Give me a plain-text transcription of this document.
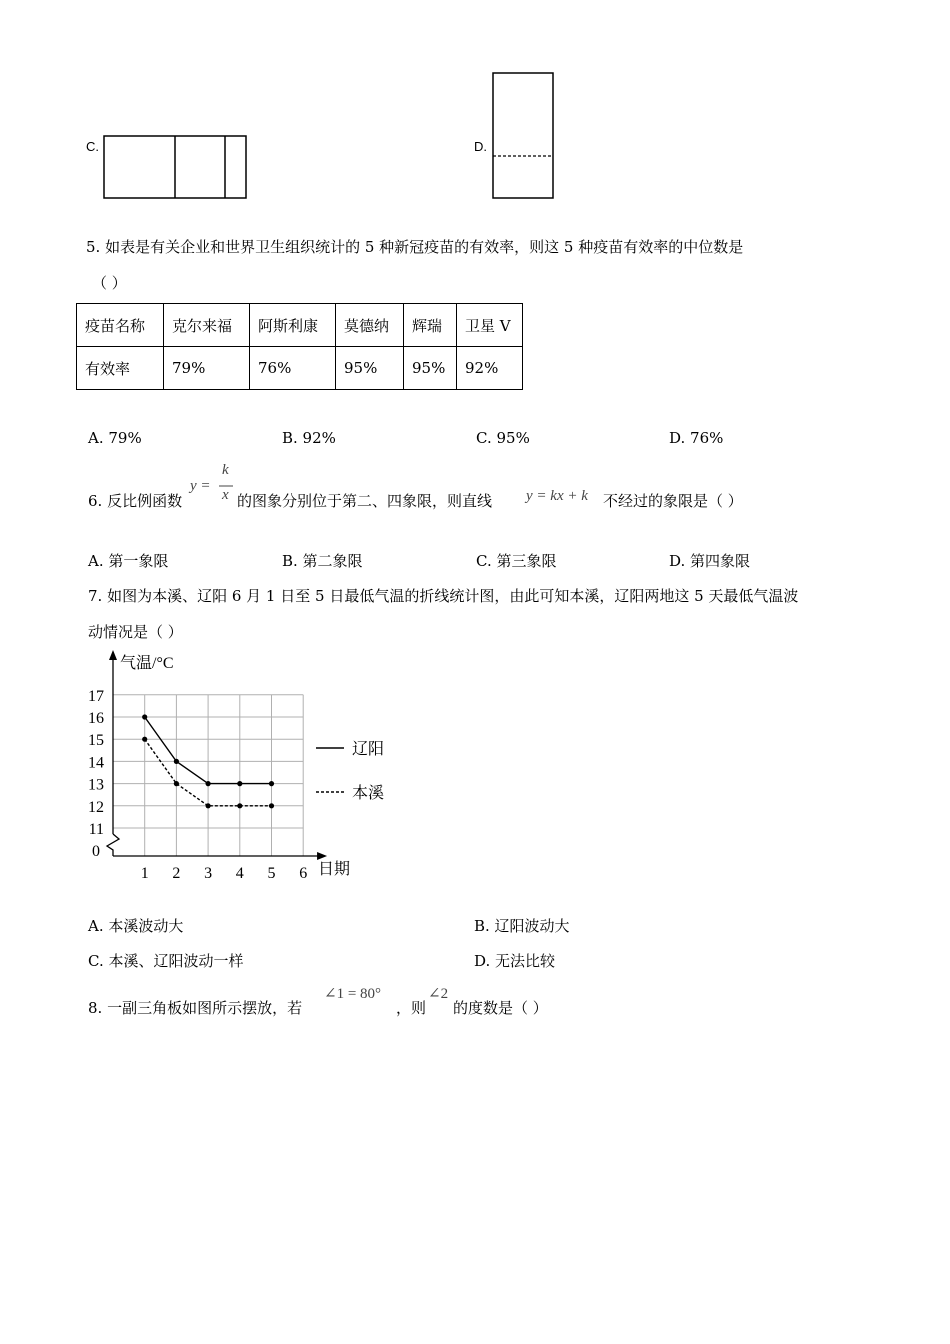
C.	D.
5. 如表是有关企业和世界卫生组织统计的 5 种新冠疫苗的有效率，则这 5 种疫苗有效率的中位数是
（ ）
疫苗名称	克尔来福	阿斯利康	莫德纳	辉瑞	卫星 V
有效率	79%	76%	95%	95%	92%
A. 79%	B. 92%	C. 95%	D. 76%
6. 反比例函数
y =
k
x 的图象分别位于第二、四象限，则直线 y = kx + k 不经过的象限是（ ）
A. 第一象限	B. 第二象限	C. 第三象限	D. 第四象限
7. 如图为本溪、辽阳 6 月 1 日至 5 日最低气温的折线统计图，由此可知本溪，辽阳两地这 5 天最低气温波
动情况是（ ）
11
12
13
14
15
16
17
0
1 2 3 4 5 6
气温/°C
日期
辽阳
本溪
A. 本溪波动大	B. 辽阳波动大
C. 本溪、辽阳波动一样	D. 无法比较
8. 一副三角板如图所示摆放，若
∠1 = 80°
，则
∠2
的度数是（ ）
